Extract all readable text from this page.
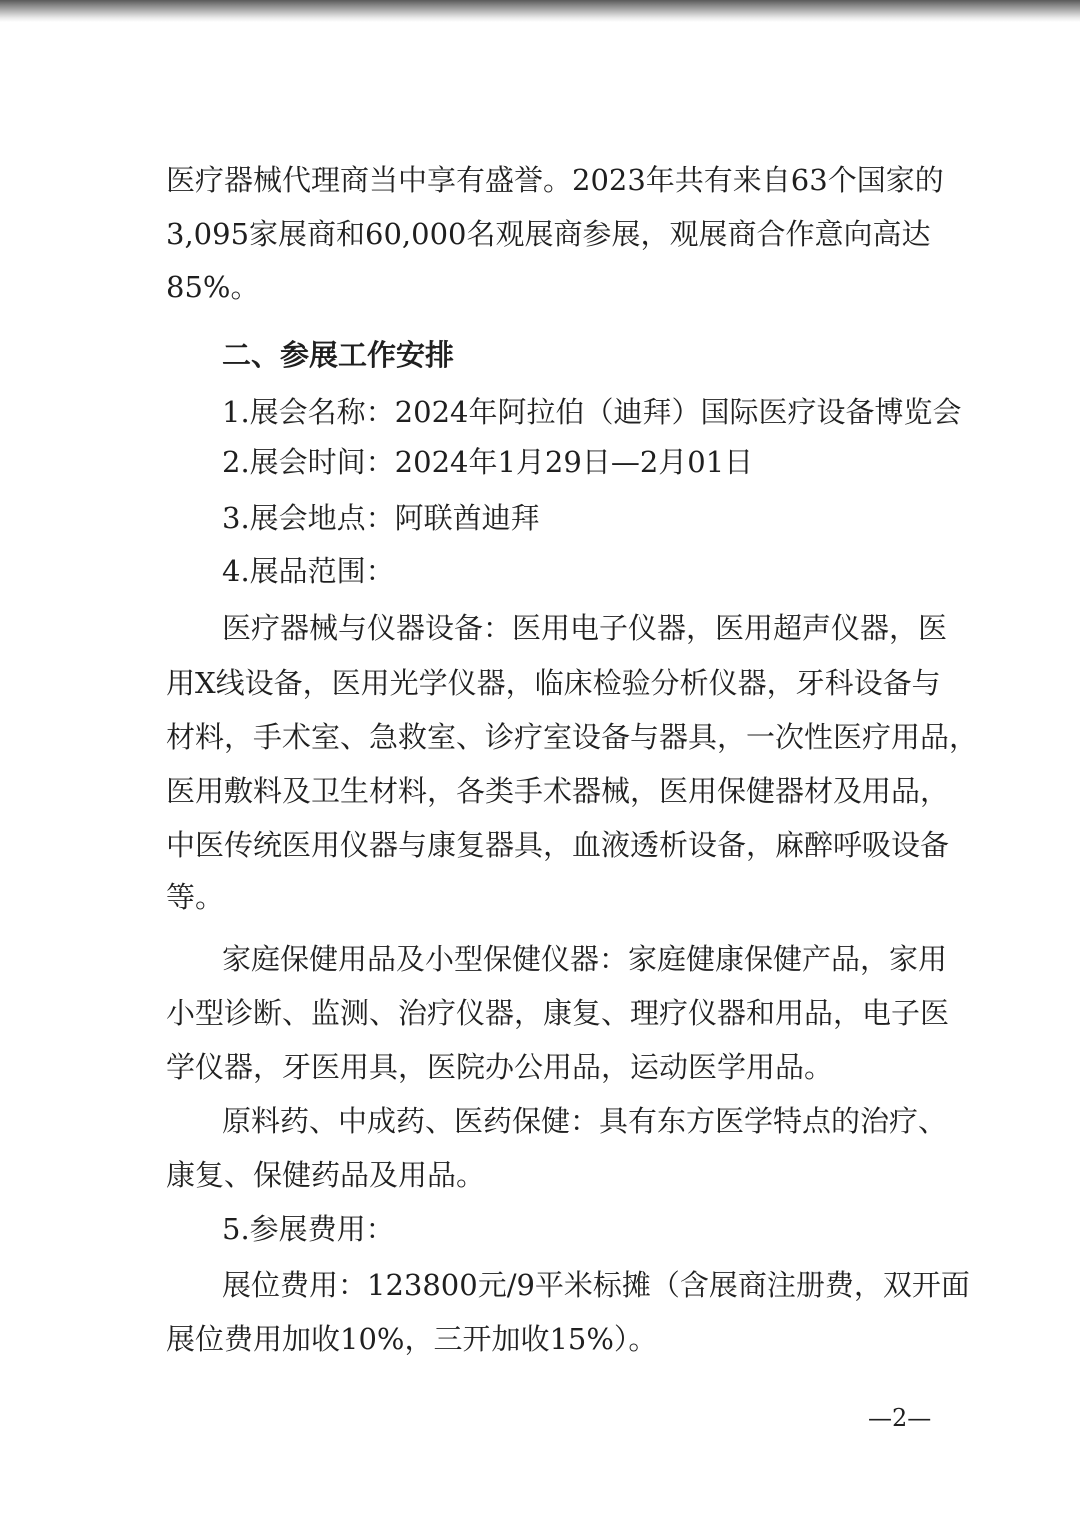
医疗器械代理商当中享有盛誉。2023年共有来自63个国家的
3,095家展商和60,000名观展商参展，观展商合作意向高达
85%。
二、参展工作安排
1.展会名称：2024年阿拉伯（迪拜）国际医疗设备博览会
2.展会时间：2024年1月29日—2月01日
3.展会地点：阿联酋迪拜
4.展品范围：
医疗器械与仪器设备：医用电子仪器，医用超声仪器，医
用X线设备，医用光学仪器，临床检验分析仪器，牙科设备与
材料，手术室、急救室、诊疗室设备与器具，一次性医疗用品，
医用敷料及卫生材料，各类手术器械，医用保健器材及用品，
中医传统医用仪器与康复器具，血液透析设备，麻醉呼吸设备
等。
家庭保健用品及小型保健仪器：家庭健康保健产品，家用
小型诊断、监测、治疗仪器，康复、理疗仪器和用品，电子医
学仪器，牙医用具，医院办公用品，运动医学用品。
原料药、中成药、医药保健：具有东方医学特点的治疗、
康复、保健药品及用品。
5.参展费用：
展位费用：123800元/9平米标摊（含展商注册费，双开面
展位费用加收10%，三开加收15%）。
—2—
